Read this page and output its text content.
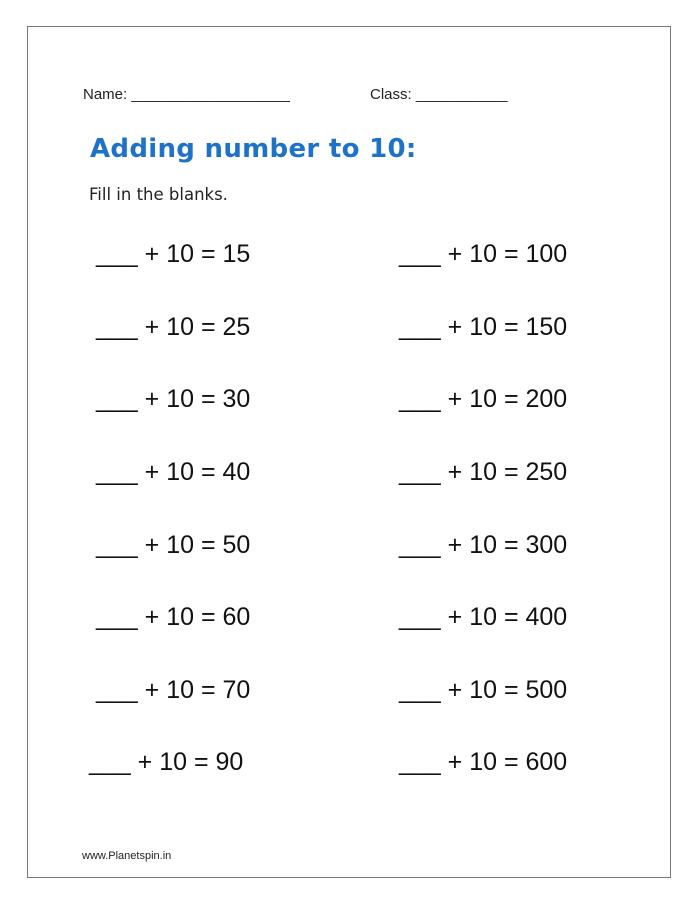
Name: ___________________	Class: ___________
Adding number to 10:
Fill in the blanks.
___ + 10 = 15
___ + 10 = 25
___ + 10 = 30
___ + 10 = 40
___ + 10 = 50
___ + 10 = 60
___ + 10 = 70
___ + 10 = 90
___ + 10 = 100
___ + 10 = 150
___ + 10 = 200
___ + 10 = 250
___ + 10 = 300
___ + 10 = 400
___ + 10 = 500
___ + 10 = 600
www.Planetspin.in
